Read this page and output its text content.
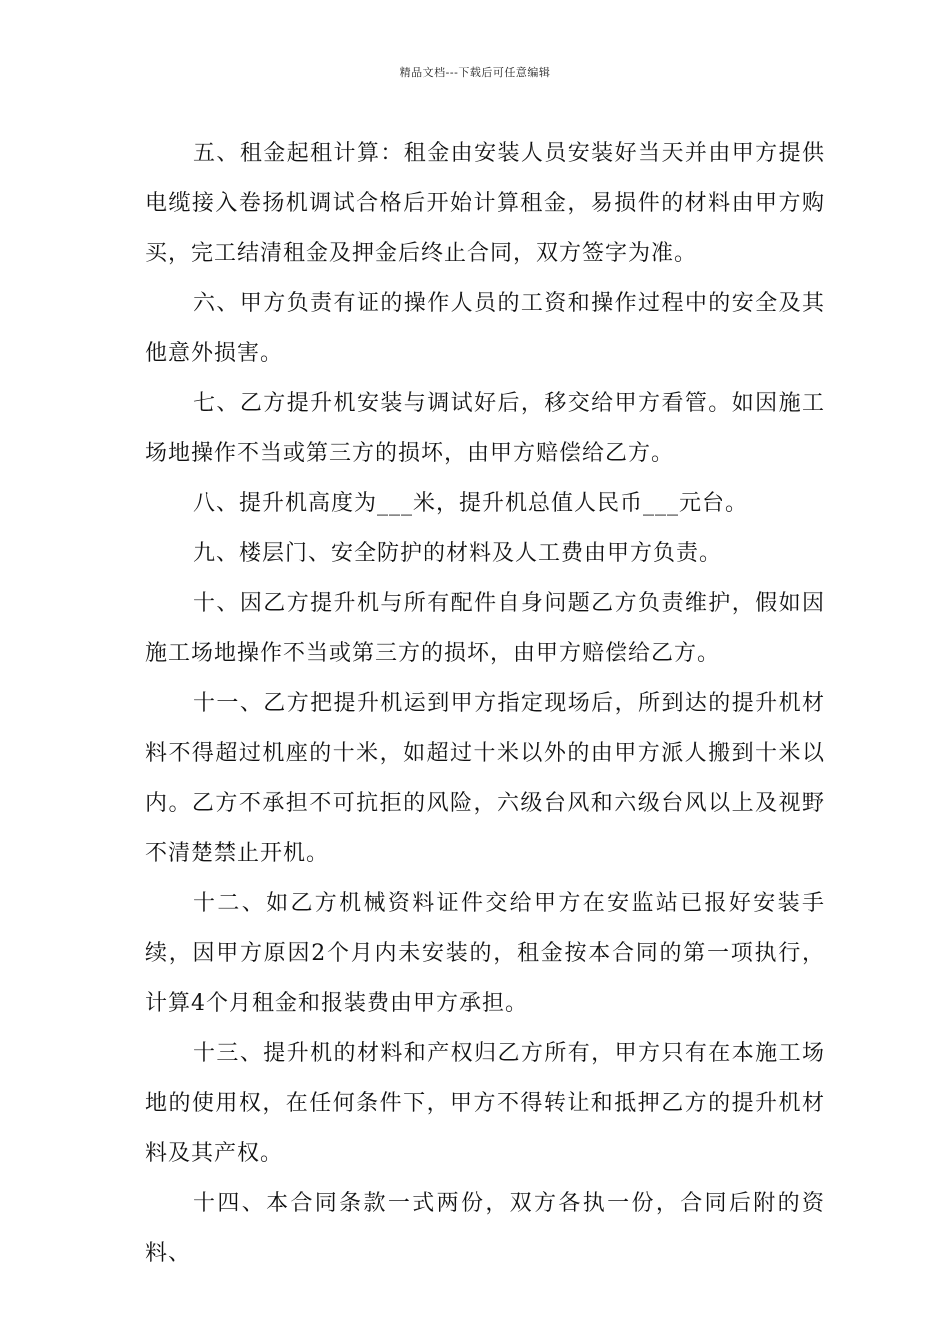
精品文档---下载后可任意编辑

五、租金起租计算：租金由安装人员安装好当天并由甲方提供电缆接入卷扬机调试合格后开始计算租金，易损件的材料由甲方购买，完工结清租金及押金后终止合同，双方签字为准。

六、甲方负责有证的操作人员的工资和操作过程中的安全及其他意外损害。

七、乙方提升机安装与调试好后，移交给甲方看管。如因施工场地操作不当或第三方的损坏，由甲方赔偿给乙方。

八、提升机高度为___米，提升机总值人民币___元台。

九、楼层门、安全防护的材料及人工费由甲方负责。

十、因乙方提升机与所有配件自身问题乙方负责维护，假如因施工场地操作不当或第三方的损坏，由甲方赔偿给乙方。

十一、乙方把提升机运到甲方指定现场后，所到达的提升机材料不得超过机座的十米，如超过十米以外的由甲方派人搬到十米以内。乙方不承担不可抗拒的风险，六级台风和六级台风以上及视野不清楚禁止开机。

十二、如乙方机械资料证件交给甲方在安监站已报好安装手续，因甲方原因2个月内未安装的，租金按本合同的第一项执行，计算4个月租金和报装费由甲方承担。

十三、提升机的材料和产权归乙方所有，甲方只有在本施工场地的使用权，在任何条件下，甲方不得转让和抵押乙方的提升机材料及其产权。

十四、本合同条款一式两份，双方各执一份，合同后附的资料、
